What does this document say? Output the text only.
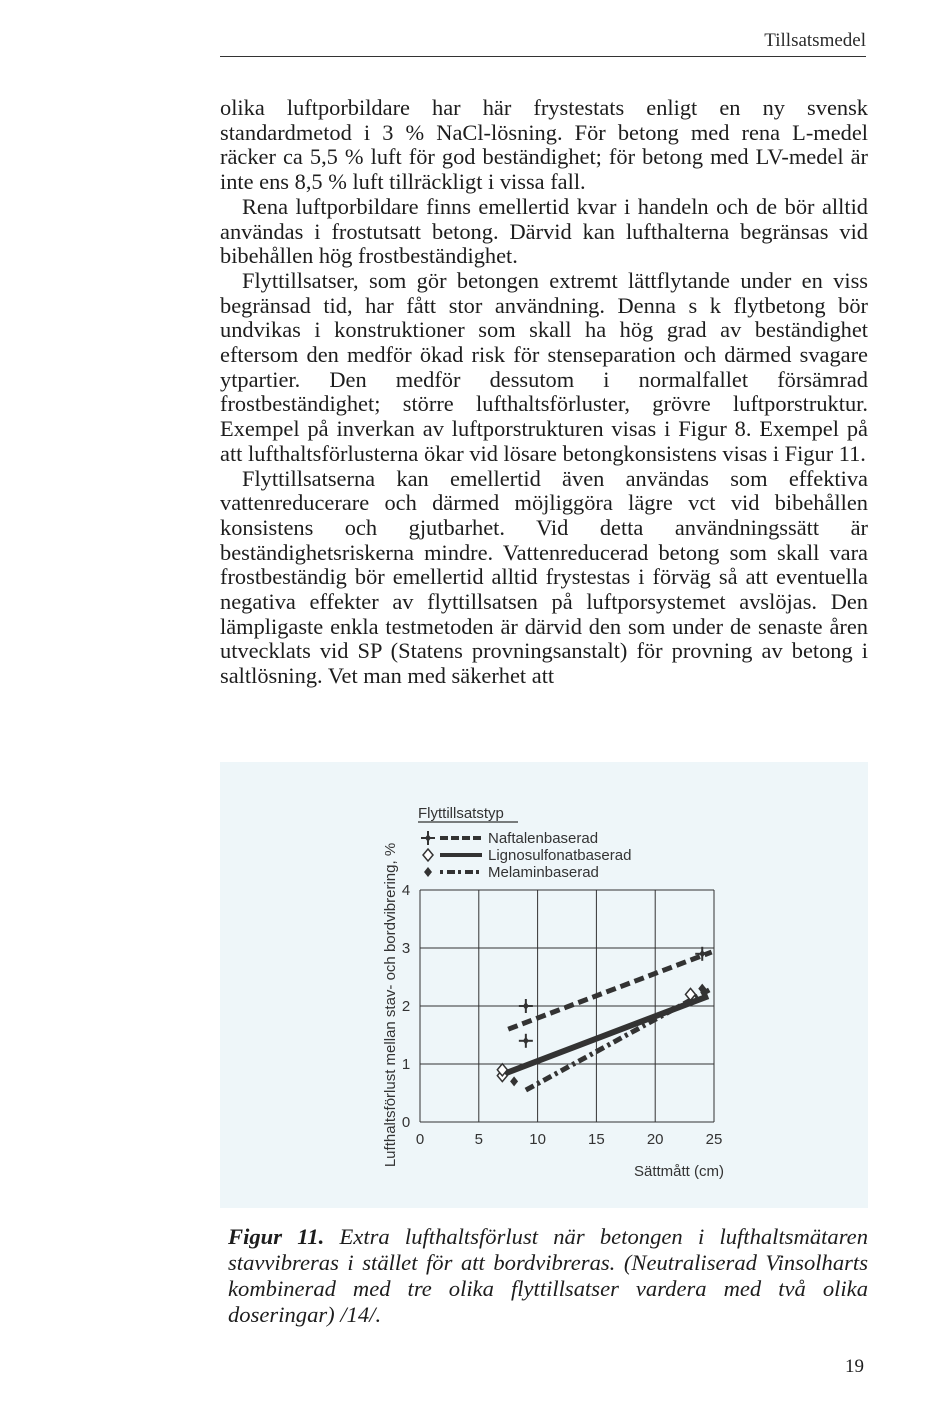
Tillsatsmedel

olika luftporbildare har här frystestats enligt en ny svensk standardmetod i 3 % NaCl-lösning. För betong med rena L-medel räcker ca 5,5 % luft för god beständighet; för betong med LV-medel är inte ens 8,5 % luft tillräckligt i vissa fall.

Rena luftporbildare finns emellertid kvar i handeln och de bör alltid användas i frostutsatt betong. Därvid kan lufthalterna begränsas vid bibehållen hög frostbeständighet.

Flyttillsatser, som gör betongen extremt lättflytande under en viss begränsad tid, har fått stor användning. Denna s k flytbetong bör undvikas i konstruktioner som skall ha hög grad av beständighet eftersom den medför ökad risk för stenseparation och därmed svagare ytpartier. Den medför dessutom i normalfallet försämrad frostbeständighet; större lufthaltsförluster, grövre luftporstruktur. Exempel på inverkan av luftporstrukturen visas i Figur 8. Exempel på att lufthaltsförlusterna ökar vid lösare betongkonsistens visas i Figur 11.

Flyttillsatserna kan emellertid även användas som effektiva vattenreducerare och därmed möjliggöra lägre vct vid bibehållen konsistens och gjutbarhet. Vid detta användningssätt är beständighetsriskerna mindre. Vattenreducerad betong som skall vara frostbeständig bör emellertid alltid frystestas i förväg så att eventuella negativa effekter av flyttillsatsen på luftporsystemet avslöjas. Den lämpligaste enkla testmetoden är därvid den som under de senaste åren utvecklats vid SP (Statens provningsanstalt) för provning av betong i saltlösning. Vet man med säkerhet att

0	5	10	15	20	25
0
1
2
3
4
Flyttillsatstyp
Naftalenbaserad
Lignosulfonatbaserad
Melaminbaserad
Lufthaltsförlust mellan stav- och bordvibrering, %
Sättmått (cm)
Figur 11. Extra lufthaltsförlust när betongen i lufthaltsmätaren stavvibreras i stället för att bordvibreras. (Neutraliserad Vinsolharts kombinerad med tre olika flyttillsatser vardera med två olika doseringar) /14/.
19
